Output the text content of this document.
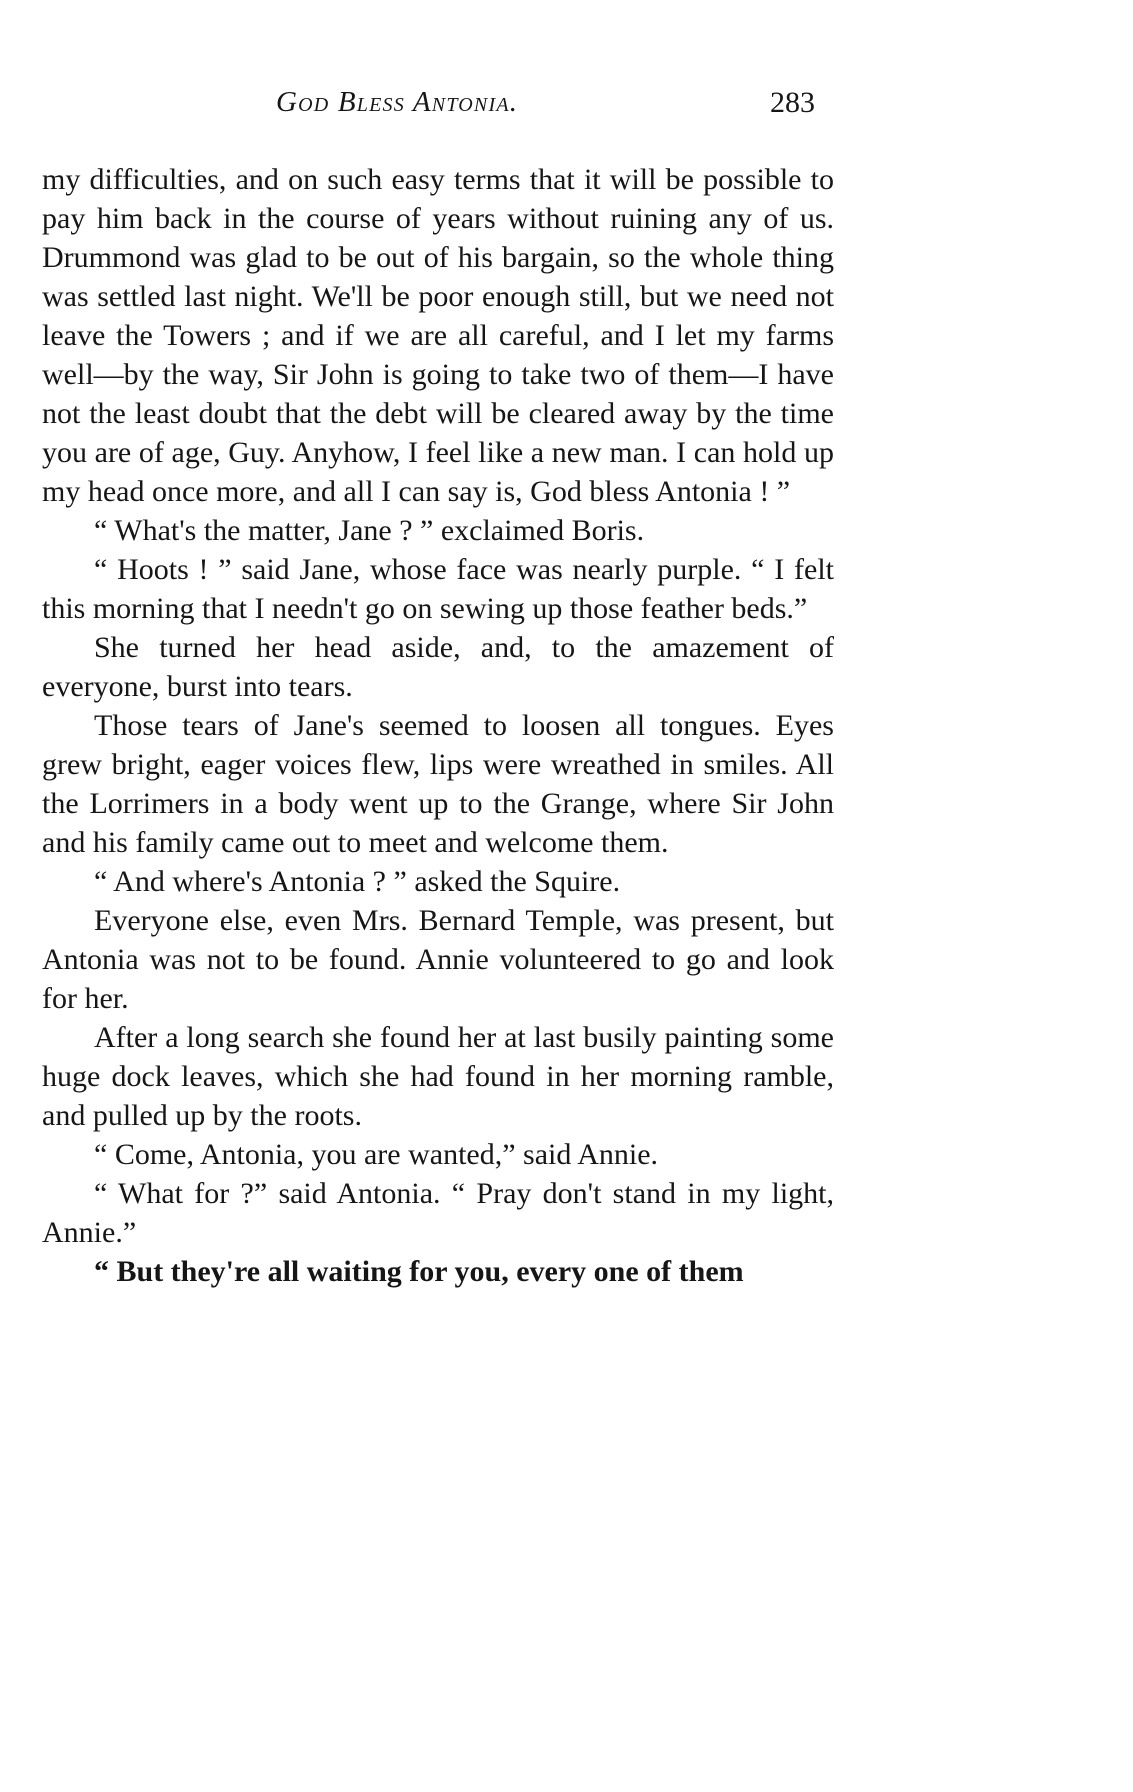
God Bless Antonia.	283

my difficulties, and on such easy terms that it will be possible to pay him back in the course of years without ruining any of us. Drummond was glad to be out of his bargain, so the whole thing was settled last night. We'll be poor enough still, but we need not leave the Towers ; and if we are all careful, and I let my farms well—by the way, Sir John is going to take two of them—I have not the least doubt that the debt will be cleared away by the time you are of age, Guy. Anyhow, I feel like a new man. I can hold up my head once more, and all I can say is, God bless Antonia ! ”

“ What's the matter, Jane ? ” exclaimed Boris.

“ Hoots ! ” said Jane, whose face was nearly purple. “ I felt this morning that I needn't go on sewing up those feather beds.”

She turned her head aside, and, to the amazement of everyone, burst into tears.

Those tears of Jane's seemed to loosen all tongues. Eyes grew bright, eager voices flew, lips were wreathed in smiles. All the Lorrimers in a body went up to the Grange, where Sir John and his family came out to meet and welcome them.

“ And where's Antonia ? ” asked the Squire.

Everyone else, even Mrs. Bernard Temple, was present, but Antonia was not to be found. Annie volunteered to go and look for her.

After a long search she found her at last busily painting some huge dock leaves, which she had found in her morning ramble, and pulled up by the roots.

“ Come, Antonia, you are wanted,” said Annie.

“ What for ?” said Antonia. “ Pray don't stand in my light, Annie.”

“ But they're all waiting for you, every one of them
